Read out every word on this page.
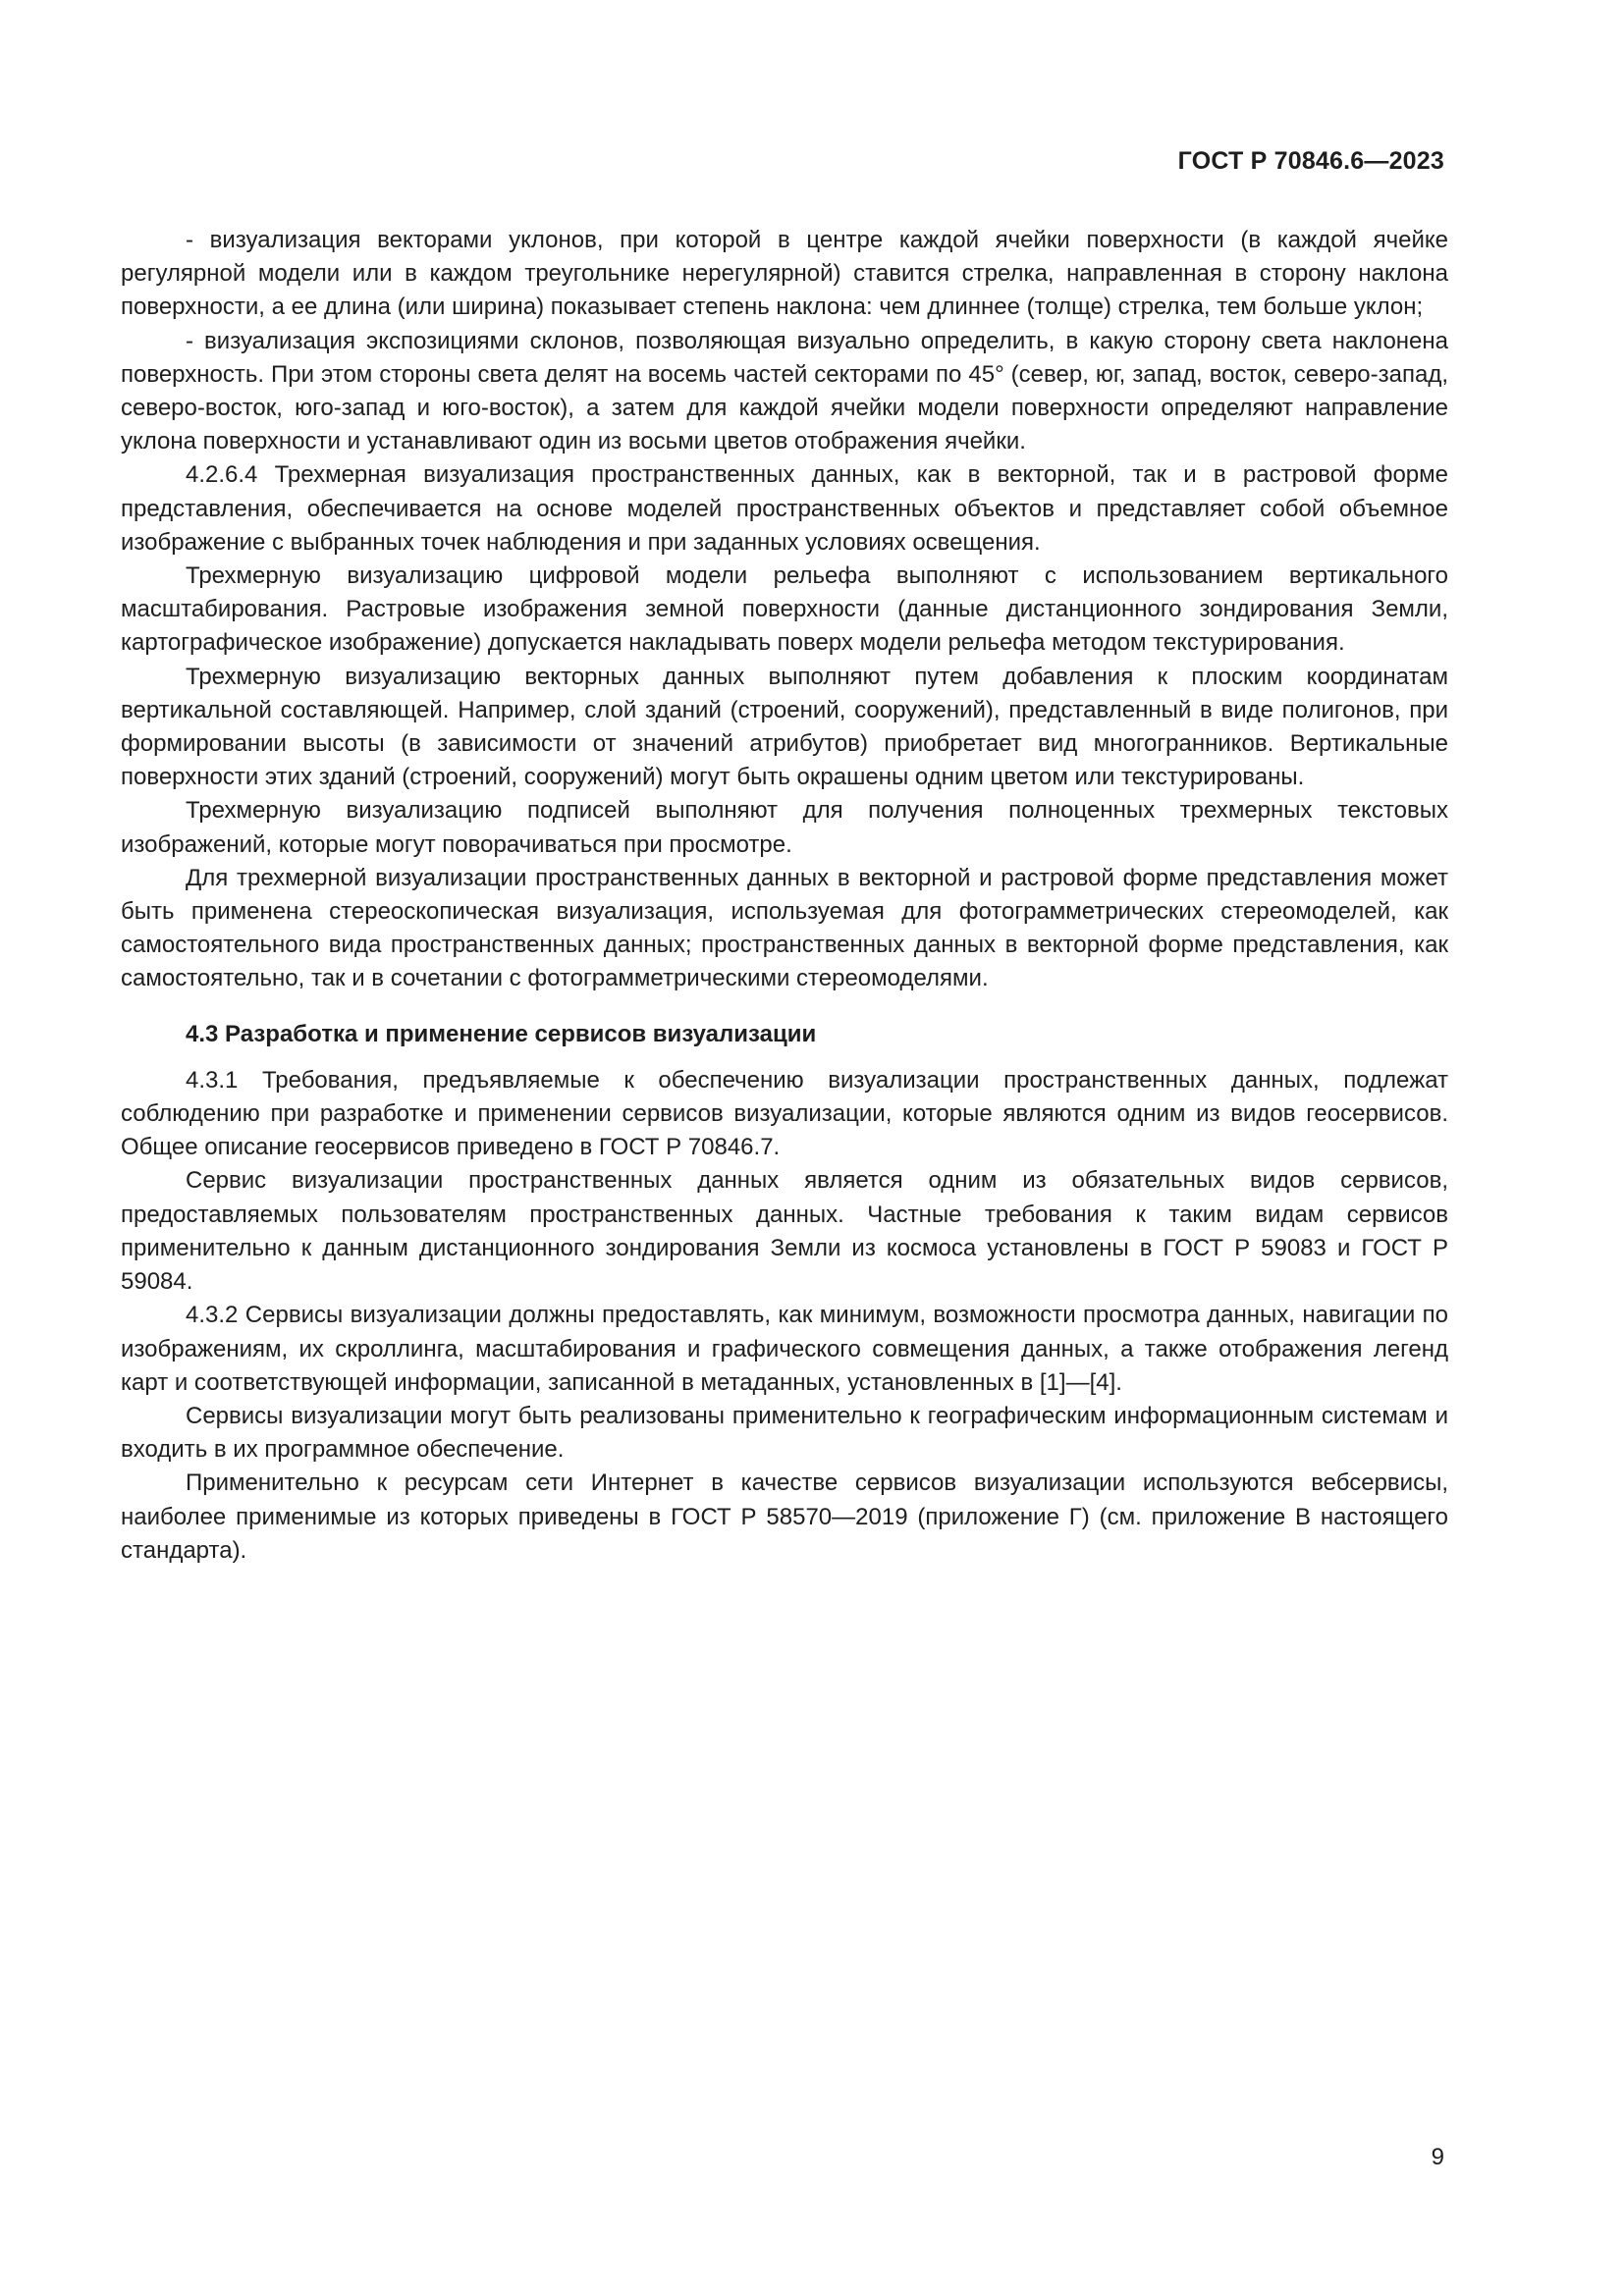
ГОСТ Р 70846.6—2023

- визуализация векторами уклонов, при которой в центре каждой ячейки поверхности (в каждой ячейке регулярной модели или в каждом треугольнике нерегулярной) ставится стрелка, направленная в сторону наклона поверхности, а ее длина (или ширина) показывает степень наклона: чем длиннее (толще) стрелка, тем больше уклон;

- визуализация экспозициями склонов, позволяющая визуально определить, в какую сторону света наклонена поверхность. При этом стороны света делят на восемь частей секторами по 45° (север, юг, запад, восток, северо-запад, северо-восток, юго-запад и юго-восток), а затем для каждой ячейки модели поверхности определяют направление уклона поверхности и устанавливают один из восьми цветов отображения ячейки.

4.2.6.4 Трехмерная визуализация пространственных данных, как в векторной, так и в растровой форме представления, обеспечивается на основе моделей пространственных объектов и представляет собой объемное изображение с выбранных точек наблюдения и при заданных условиях освещения.

Трехмерную визуализацию цифровой модели рельефа выполняют с использованием вертикального масштабирования. Растровые изображения земной поверхности (данные дистанционного зондирования Земли, картографическое изображение) допускается накладывать поверх модели рельефа методом текстурирования.

Трехмерную визуализацию векторных данных выполняют путем добавления к плоским координатам вертикальной составляющей. Например, слой зданий (строений, сооружений), представленный в виде полигонов, при формировании высоты (в зависимости от значений атрибутов) приобретает вид многогранников. Вертикальные поверхности этих зданий (строений, сооружений) могут быть окрашены одним цветом или текстурированы.

Трехмерную визуализацию подписей выполняют для получения полноценных трехмерных текстовых изображений, которые могут поворачиваться при просмотре.

Для трехмерной визуализации пространственных данных в векторной и растровой форме представления может быть применена стереоскопическая визуализация, используемая для фотограмметрических стереомоделей, как самостоятельного вида пространственных данных; пространственных данных в векторной форме представления, как самостоятельно, так и в сочетании с фотограмметрическими стереомоделями.

4.3 Разработка и применение сервисов визуализации

4.3.1 Требования, предъявляемые к обеспечению визуализации пространственных данных, подлежат соблюдению при разработке и применении сервисов визуализации, которые являются одним из видов геосервисов. Общее описание геосервисов приведено в ГОСТ Р 70846.7.

Сервис визуализации пространственных данных является одним из обязательных видов сервисов, предоставляемых пользователям пространственных данных. Частные требования к таким видам сервисов применительно к данным дистанционного зондирования Земли из космоса установлены в ГОСТ Р 59083 и ГОСТ Р 59084.

4.3.2 Сервисы визуализации должны предоставлять, как минимум, возможности просмотра данных, навигации по изображениям, их скроллинга, масштабирования и графического совмещения данных, а также отображения легенд карт и соответствующей информации, записанной в метаданных, установленных в [1]—[4].

Сервисы визуализации могут быть реализованы применительно к географическим информационным системам и входить в их программное обеспечение.

Применительно к ресурсам сети Интернет в качестве сервисов визуализации используются вебсервисы, наиболее применимые из которых приведены в ГОСТ Р 58570—2019 (приложение Г) (см. приложение В настоящего стандарта).

9
